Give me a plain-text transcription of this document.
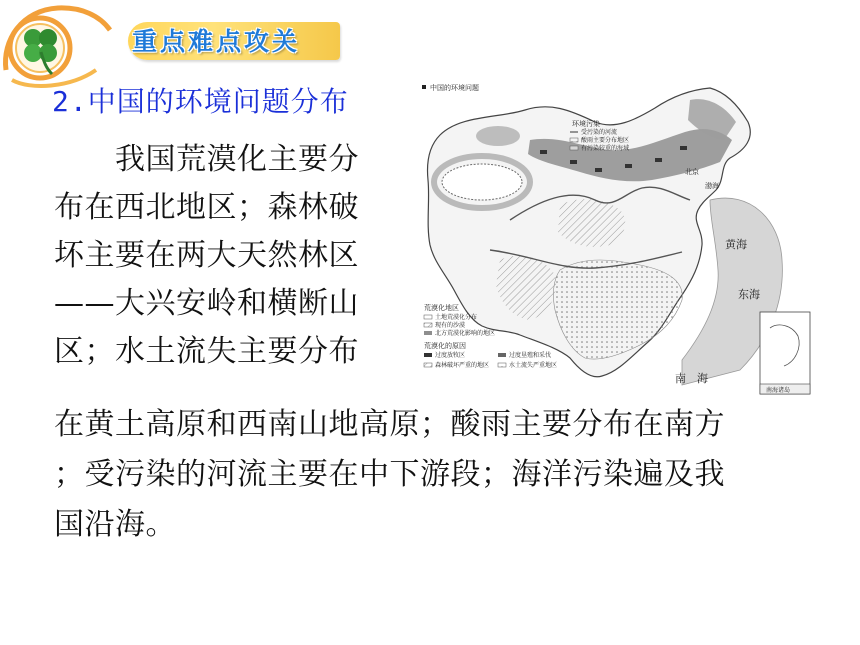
重点难点攻关
2.中国的环境问题分布
　　我国荒漠化主要分
布在西北地区；森林破
坏主要在两大天然林区
——大兴安岭和横断山
区；水土流失主要分布
在黄土高原和西南山地高原；酸雨主要分布在南方
；受污染的河流主要在中下游段；海洋污染遍及我
国沿海。
中国的环境问题
北京
渤海
黄海
东海
南　海
环境污染
受污染的河流
酸雨主要分布地区
有污染较重的海域
荒漠化地区
土地荒漠化分布
现有的沙漠
北方荒漠化影响的地区
荒漠化的原因
过度放牧区	过度垦殖和采伐
森林破坏严重的地区	水土流失严重地区
南海诸岛
